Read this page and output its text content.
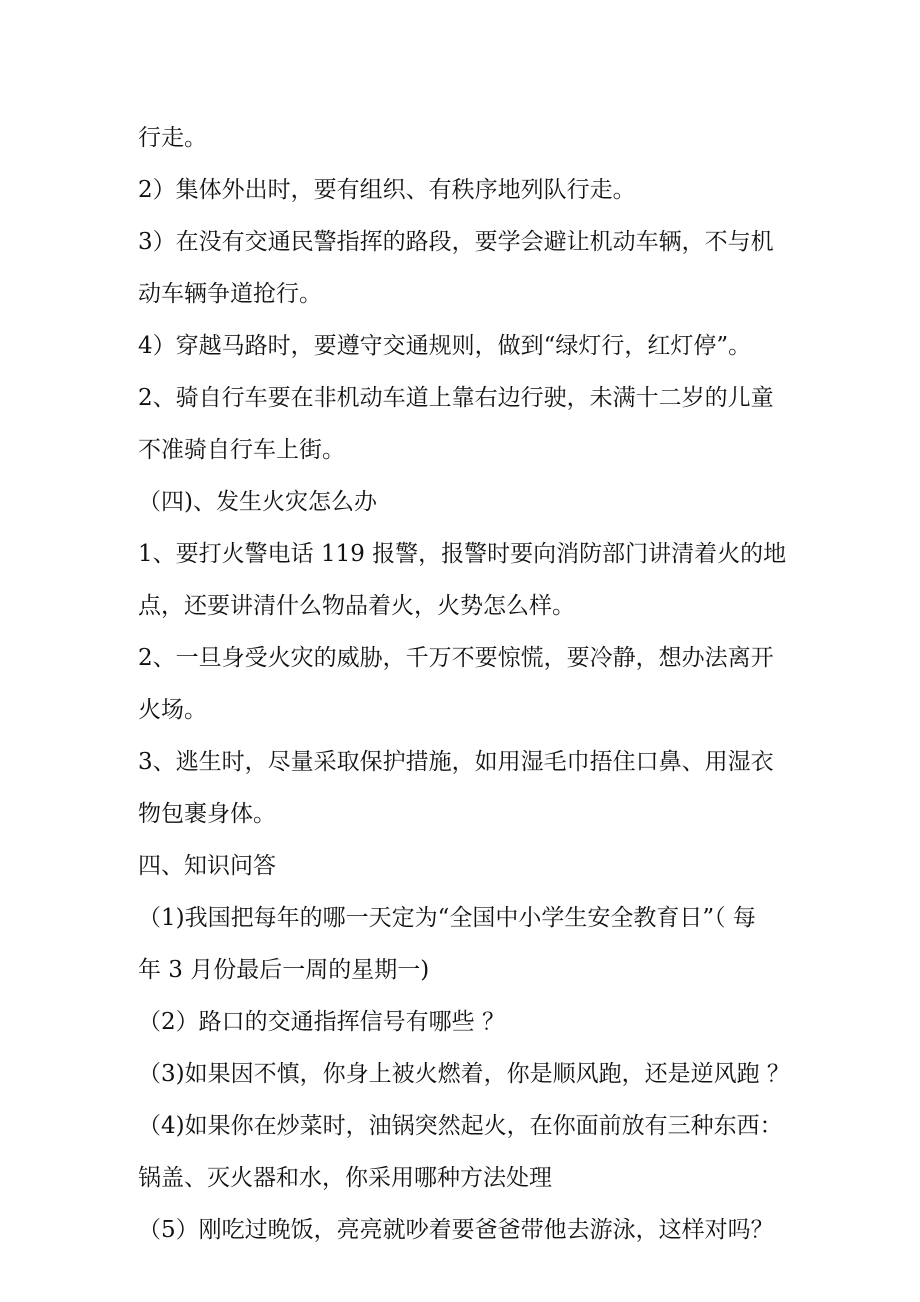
行走。
2）集体外出时，要有组织、有秩序地列队行走。
3）在没有交通民警指挥的路段，要学会避让机动车辆，不与机
动车辆争道抢行。
4）穿越马路时，要遵守交通规则，做到“绿灯行，红灯停”。
2、骑自行车要在非机动车道上靠右边行驶，未满十二岁的儿童
不准骑自行车上街。
（四)、发生火灾怎么办
1、要打火警电话 119 报警，报警时要向消防部门讲清着火的地
点，还要讲清什么物品着火，火势怎么样。
2、一旦身受火灾的威胁，千万不要惊慌，要冷静，想办法离开
火场。
3、逃生时，尽量采取保护措施，如用湿毛巾捂住口鼻、用湿衣
物包裹身体。
四、知识问答
（1)我国把每年的哪一天定为“全国中小学生安全教育日”（ 每
年 3 月份最后一周的星期一)
（2）路口的交通指挥信号有哪些 ？
（3)如果因不慎，你身上被火燃着，你是顺风跑，还是逆风跑 ？
（4)如果你在炒菜时，油锅突然起火，在你面前放有三种东西：
锅盖、灭火器和水，你采用哪种方法处理
（5）刚吃过晚饭，亮亮就吵着要爸爸带他去游泳，这样对吗？
